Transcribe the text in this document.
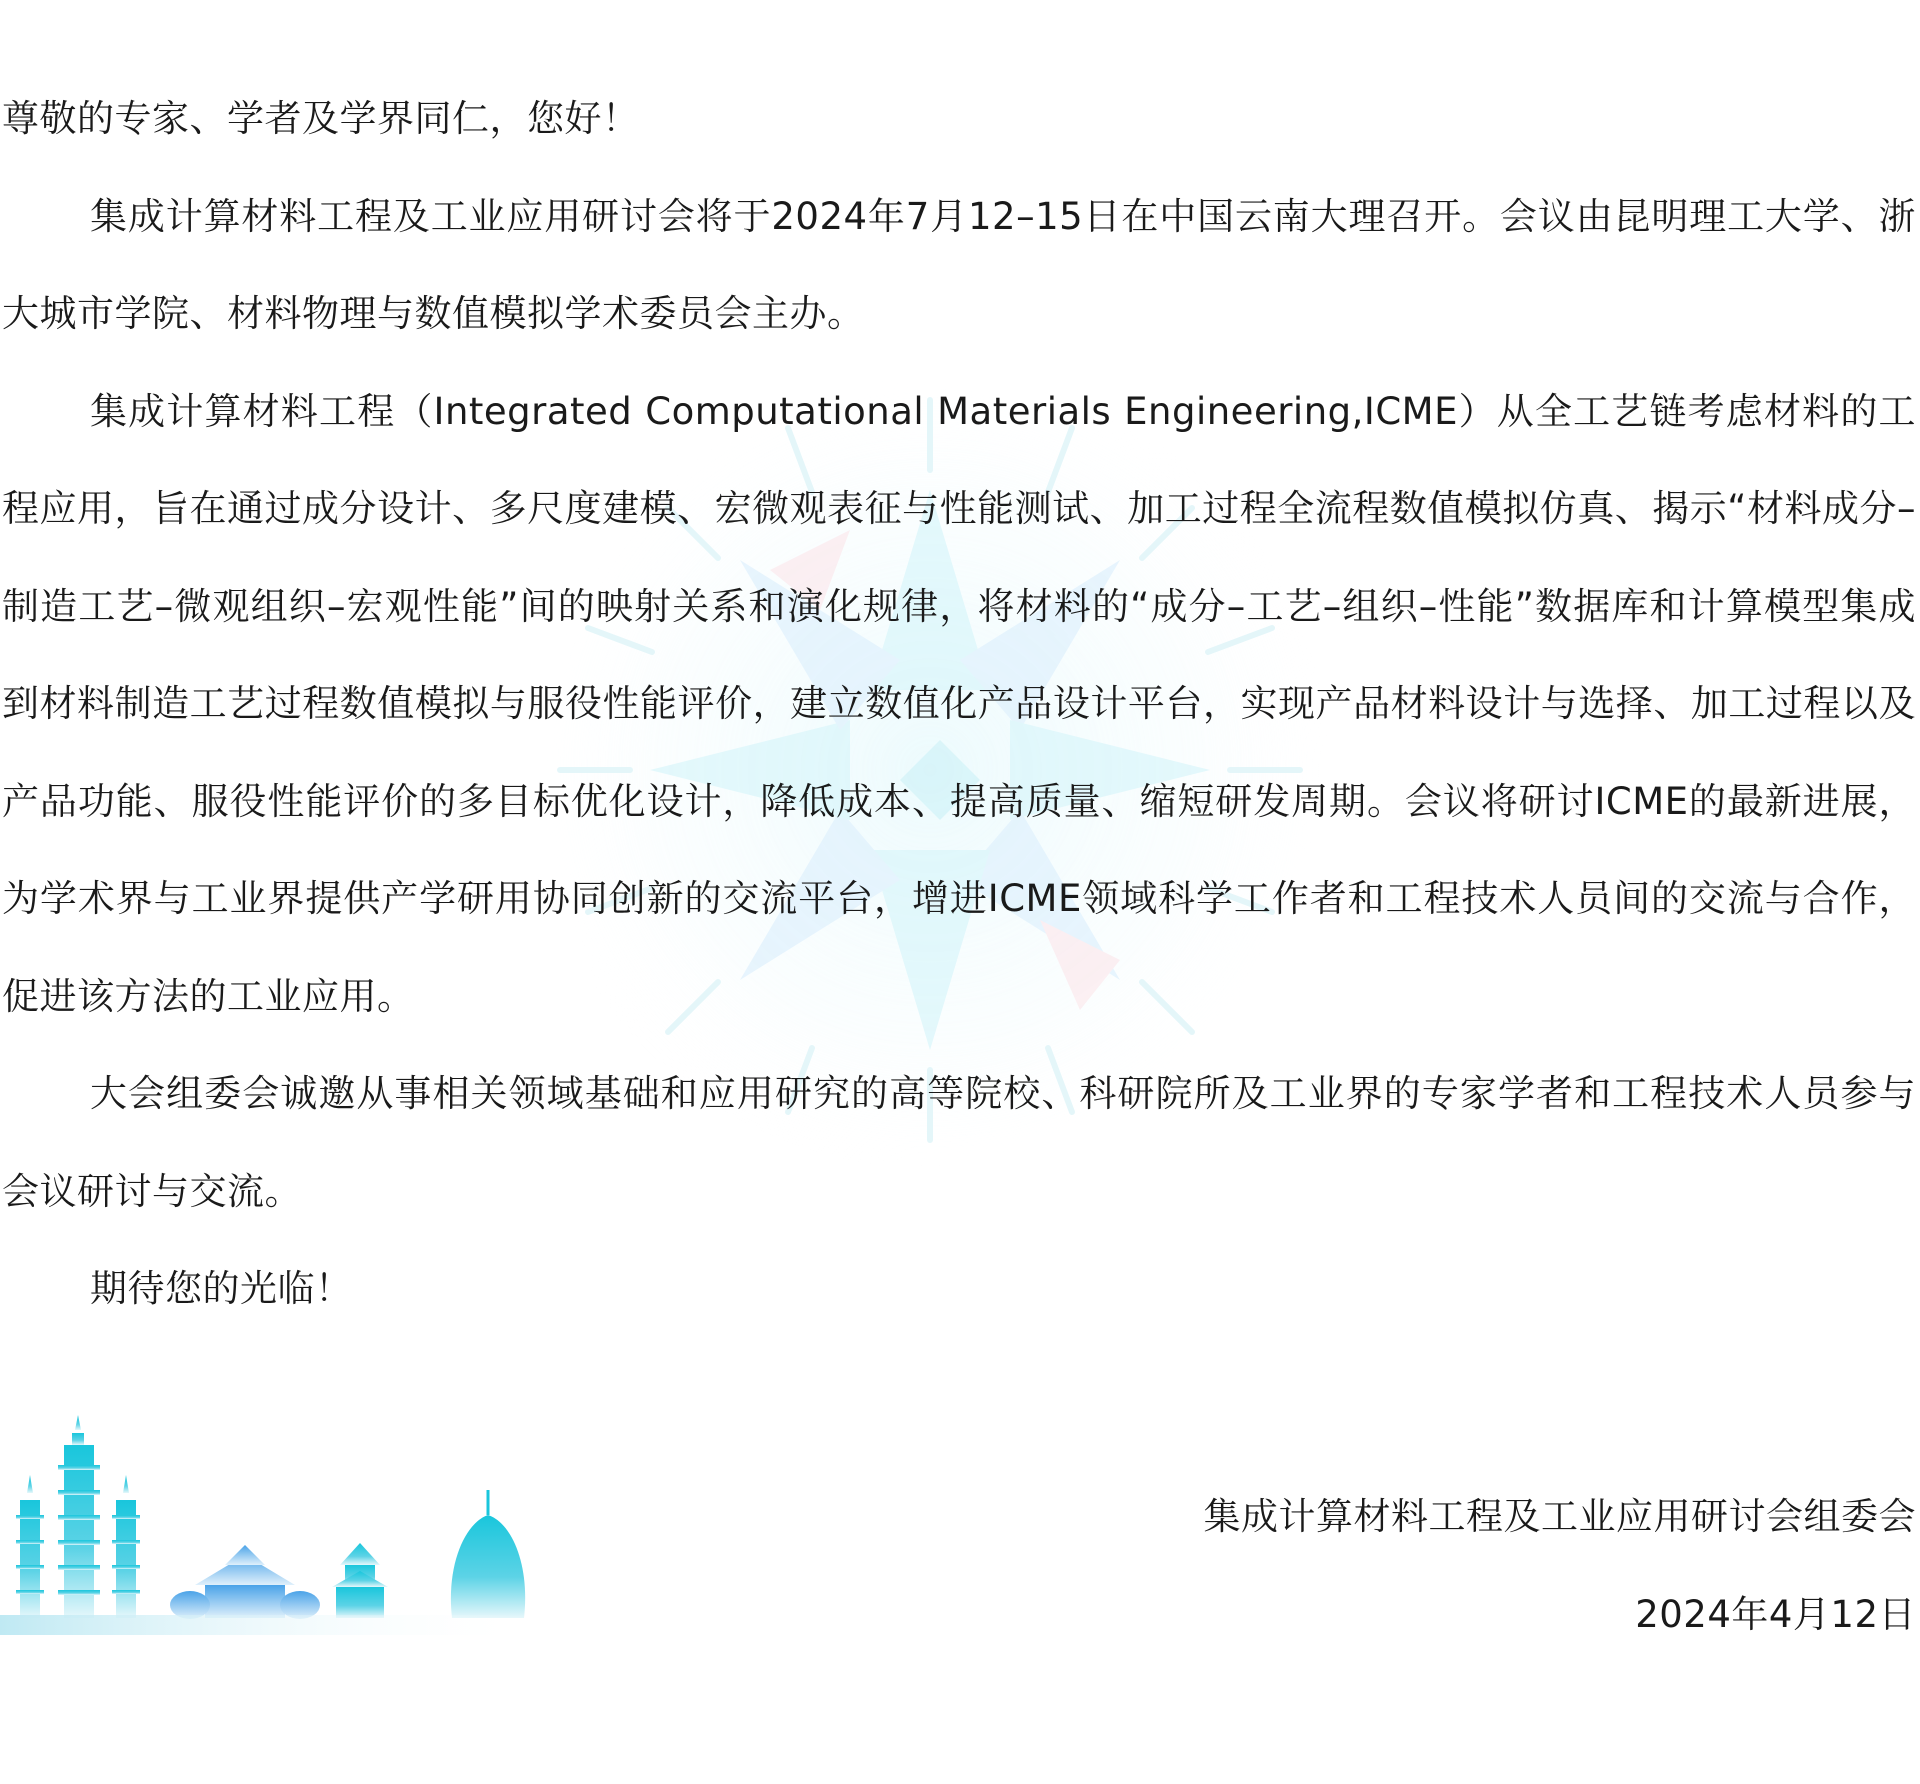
尊敬的专家、学者及学界同仁，您好！

集成计算材料工程及工业应用研讨会将于2024年7月12–15日在中国云南大理召开。会议由昆明理工大学、浙大城市学院、材料物理与数值模拟学术委员会主办。

集成计算材料工程（Integrated Computational Materials Engineering,ICME）从全工艺链考虑材料的工程应用，旨在通过成分设计、多尺度建模、宏微观表征与性能测试、加工过程全流程数值模拟仿真、揭示“材料成分–制造工艺–微观组织–宏观性能”间的映射关系和演化规律，将材料的“成分–工艺–组织–性能”数据库和计算模型集成到材料制造工艺过程数值模拟与服役性能评价，建立数值化产品设计平台，实现产品材料设计与选择、加工过程以及产品功能、服役性能评价的多目标优化设计，降低成本、提高质量、缩短研发周期。会议将研讨ICME的最新进展，为学术界与工业界提供产学研用协同创新的交流平台，增进ICME领域科学工作者和工程技术人员间的交流与合作，促进该方法的工业应用。

大会组委会诚邀从事相关领域基础和应用研究的高等院校、科研院所及工业界的专家学者和工程技术人员参与会议研讨与交流。

期待您的光临！

集成计算材料工程及工业应用研讨会组委会

2024年4月12日
